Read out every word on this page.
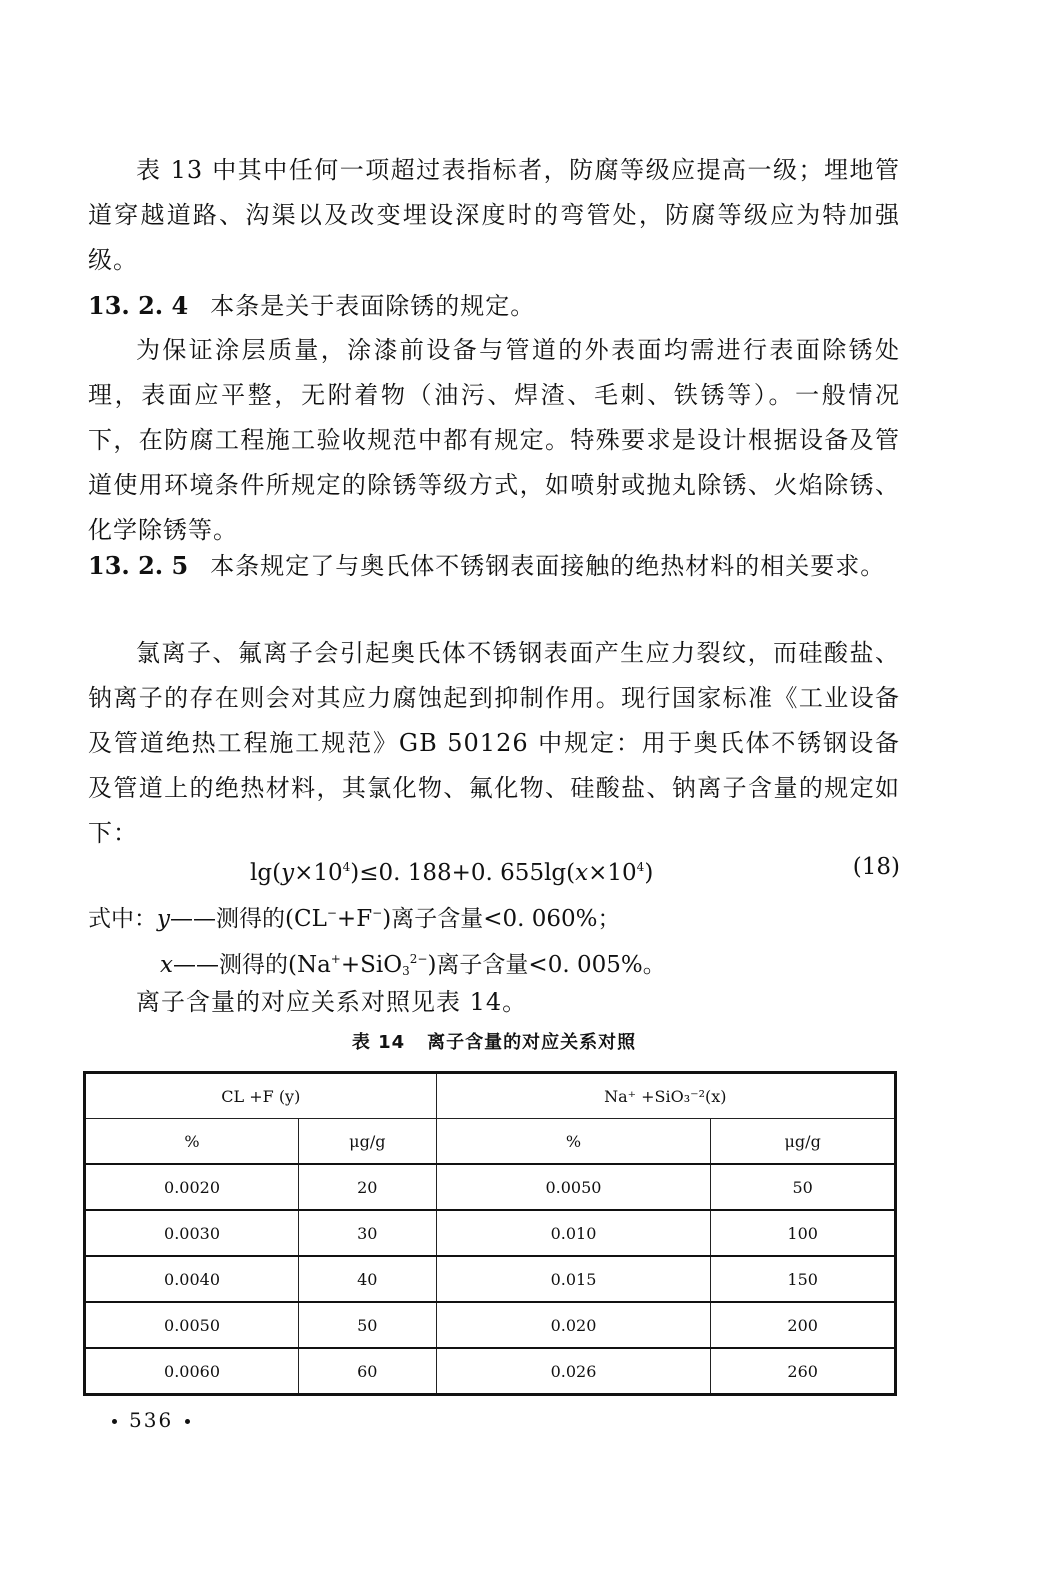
表 13 中其中任何一项超过表指标者，防腐等级应提高一级；埋地管道穿越道路、沟渠以及改变埋设深度时的弯管处，防腐等级应为特加强级。
13. 2. 4 本条是关于表面除锈的规定。
为保证涂层质量，涂漆前设备与管道的外表面均需进行表面除锈处理，表面应平整，无附着物（油污、焊渣、毛刺、铁锈等）。一般情况下，在防腐工程施工验收规范中都有规定。特殊要求是设计根据设备及管道使用环境条件所规定的除锈等级方式，如喷射或抛丸除锈、火焰除锈、化学除锈等。
13. 2. 5 本条规定了与奥氏体不锈钢表面接触的绝热材料的相关要求。
氯离子、氟离子会引起奥氏体不锈钢表面产生应力裂纹，而硅酸盐、钠离子的存在则会对其应力腐蚀起到抑制作用。现行国家标准《工业设备及管道绝热工程施工规范》GB 50126 中规定：用于奥氏体不锈钢设备及管道上的绝热材料，其氯化物、氟化物、硅酸盐、钠离子含量的规定如下：
$\lg(y\times 10^4)\le 0$. 188+0. $655\lg(x\times 10^4)$	(18)
式中：y——测得的(CL−+F−)离子含量<0. 060%；
x——测得的(Na++SiO$_3^{2-}$)离子含量<0. 005%。
离子含量的对应关系对照见表 14。
表 14 离子含量的对应关系对照
CL +F (y)		Na⁺ +SiO₃⁻²(x)	
%	μg/g	%	μg/g
0.0020	20	0.0050	50
0.0030	30	0.010	100
0.0040	40	0.015	150
0.0050	50	0.020	200
0.0060	60	0.026	260
536
